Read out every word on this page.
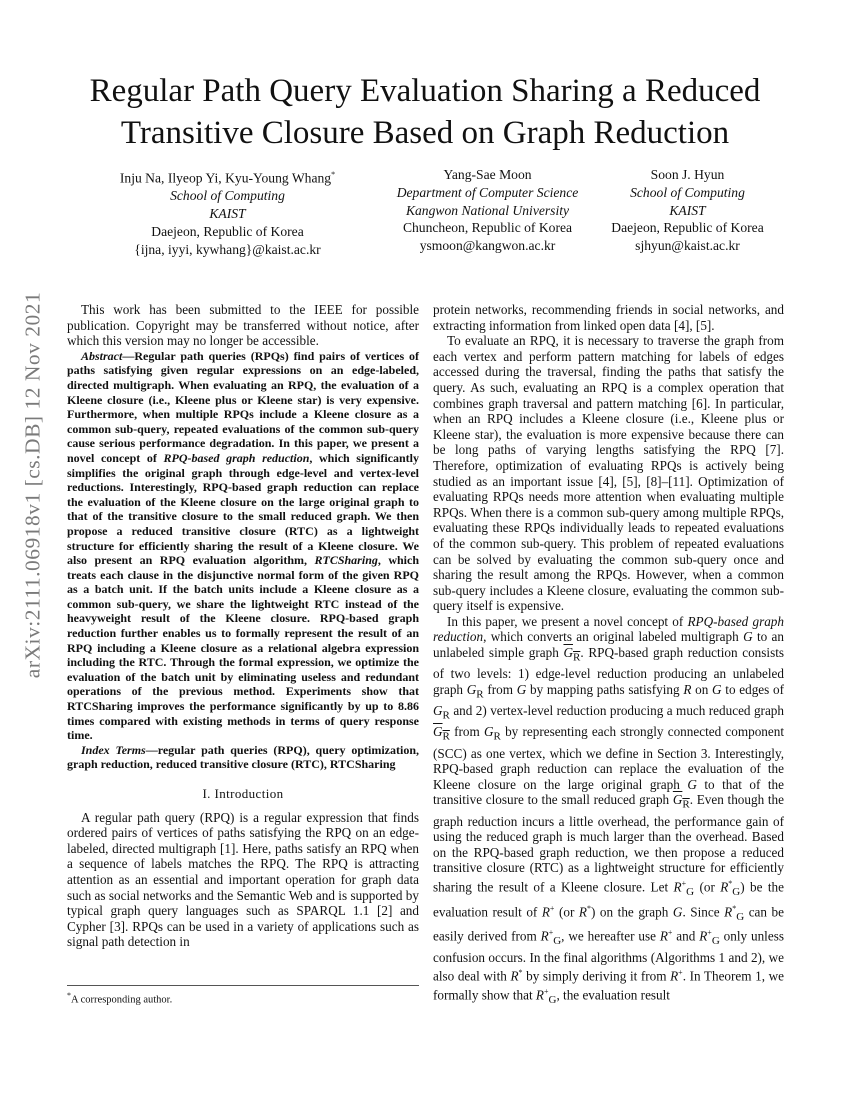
arXiv:2111.06918v1 [cs.DB] 12 Nov 2021
Regular Path Query Evaluation Sharing a Reduced Transitive Closure Based on Graph Reduction
Inju Na, Ilyeop Yi, Kyu-Young Whang*
School of Computing
KAIST
Daejeon, Republic of Korea
{ijna, iyyi, kywhang}@kaist.ac.kr
Yang-Sae Moon
Department of Computer Science
Kangwon National University
Chuncheon, Republic of Korea
ysmoon@kangwon.ac.kr
Soon J. Hyun
School of Computing
KAIST
Daejeon, Republic of Korea
sjhyun@kaist.ac.kr

This work has been submitted to the IEEE for possible publication. Copyright may be transferred without notice, after which this version may no longer be accessible.

Abstract—Regular path queries (RPQs) find pairs of vertices of paths satisfying given regular expressions on an edge-labeled, directed multigraph. When evaluating an RPQ, the evaluation of a Kleene closure (i.e., Kleene plus or Kleene star) is very expensive. Furthermore, when multiple RPQs include a Kleene closure as a common sub-query, repeated evaluations of the common sub-query cause serious performance degradation. In this paper, we present a novel concept of RPQ-based graph reduction, which significantly simplifies the original graph through edge-level and vertex-level reductions. Interestingly, RPQ-based graph reduction can replace the evaluation of the Kleene closure on the large original graph to that of the transitive closure to the small reduced graph. We then propose a reduced transitive closure (RTC) as a lightweight structure for efficiently sharing the result of a Kleene closure. We also present an RPQ evaluation algorithm, RTCSharing, which treats each clause in the disjunctive normal form of the given RPQ as a batch unit. If the batch units include a Kleene closure as a common sub-query, we share the lightweight RTC instead of the heavyweight result of the Kleene closure. RPQ-based graph reduction further enables us to formally represent the result of an RPQ including a Kleene closure as a relational algebra expression including the RTC. Through the formal expression, we optimize the evaluation of the batch unit by eliminating useless and redundant operations of the previous method. Experiments show that RTCSharing improves the performance significantly by up to 8.86 times compared with existing methods in terms of query response time.

Index Terms—regular path queries (RPQ), query optimization, graph reduction, reduced transitive closure (RTC), RTCSharing

I. Introduction

A regular path query (RPQ) is a regular expression that finds ordered pairs of vertices of paths satisfying the RPQ on an edge-labeled, directed multigraph [1]. Here, paths satisfy an RPQ when a sequence of labels matches the RPQ. The RPQ is attracting attention as an essential and important operation for graph data such as social networks and the Semantic Web and is supported by typical graph query languages such as SPARQL 1.1 [2] and Cypher [3]. RPQs can be used in a variety of applications such as signal path detection in

*A corresponding author.

protein networks, recommending friends in social networks, and extracting information from linked open data [4], [5].

To evaluate an RPQ, it is necessary to traverse the graph from each vertex and perform pattern matching for labels of edges accessed during the traversal, finding the paths that satisfy the query. As such, evaluating an RPQ is a complex operation that combines graph traversal and pattern matching [6]. In particular, when an RPQ includes a Kleene closure (i.e., Kleene plus or Kleene star), the evaluation is more expensive because there can be long paths of varying lengths satisfying the RPQ [7]. Therefore, optimization of evaluating RPQs is actively being studied as an important issue [4], [5], [8]–[11]. Optimization of evaluating RPQs needs more attention when evaluating multiple RPQs. When there is a common sub-query among multiple RPQs, evaluating these RPQs individually leads to repeated evaluations of the common sub-query. This problem of repeated evaluations can be solved by evaluating the common sub-query once and sharing the result among the RPQs. However, when a common sub-query includes a Kleene closure, evaluating the common sub-query itself is expensive.

In this paper, we present a novel concept of RPQ-based graph reduction, which converts an original labeled multigraph G to an unlabeled simple graph $\overline{G}_{\overline{R}}$. RPQ-based graph reduction consists of two levels: 1) edge-level reduction producing an unlabeled graph $G_R$ from G by mapping paths satisfying R on G to edges of $G_R$ and 2) vertex-level reduction producing a much reduced graph $\overline{G}_{\overline{R}}$ from $G_R$ by representing each strongly connected component (SCC) as one vertex, which we define in Section 3. Interestingly, RPQ-based graph reduction can replace the evaluation of the Kleene closure on the large original graph G to that of the transitive closure to the small reduced graph $\overline{G}_{\overline{R}}$. Even though the graph reduction incurs a little overhead, the performance gain of using the reduced graph is much larger than the overhead. Based on the RPQ-based graph reduction, we then propose a reduced transitive closure (RTC) as a lightweight structure for efficiently sharing the result of a Kleene closure. Let $R^+_G$ (or $R^*_G$) be the evaluation result of R+ (or R*) on the graph G. Since $R^*_G$ can be easily derived from $R^+_G$, we hereafter use R+ and $R^+_G$ only unless confusion occurs. In the final algorithms (Algorithms 1 and 2), we also deal with R* by simply deriving it from R+. In Theorem 1, we formally show that $R^+_G$, the evaluation result
